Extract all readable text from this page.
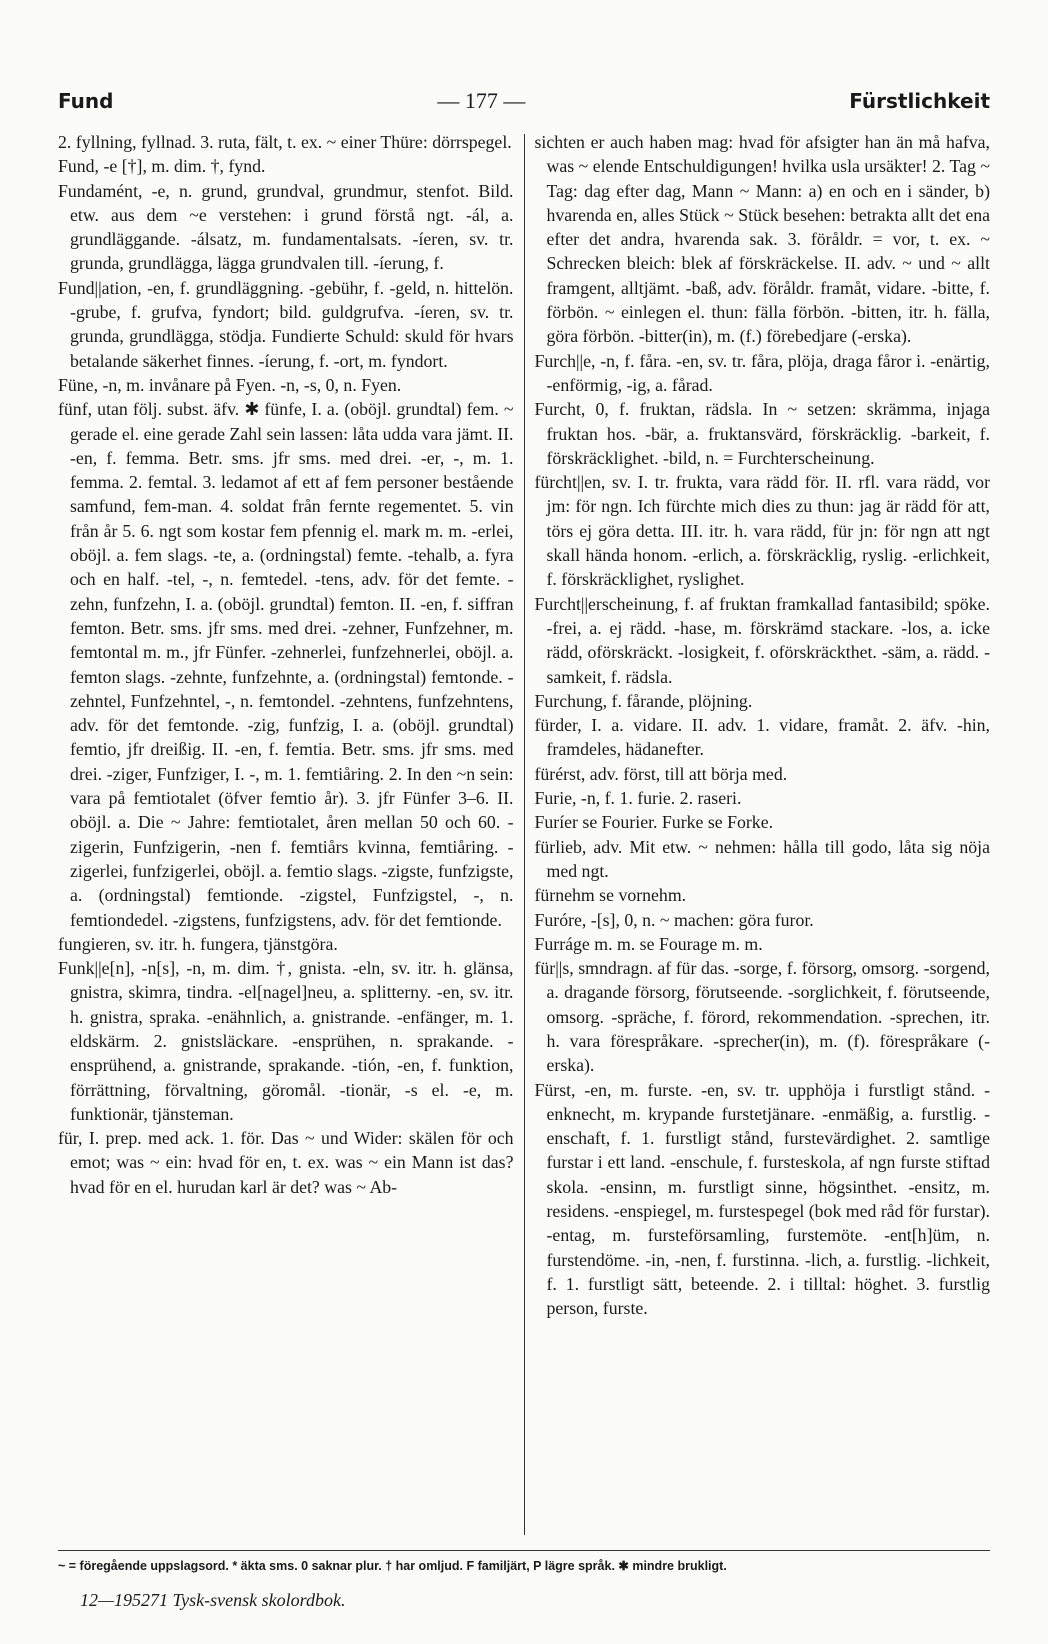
Fund	— 177 —	Fürstlichkeit

2. fyllning, fyllnad. 3. ruta, fält, t. ex. ~ einer Thüre: dörrspegel.

Fund, -e [†], m. dim. †, fynd.

Fundamént, -e, n. grund, grundval, grundmur, stenfot. Bild. etw. aus dem ~e verstehen: i grund förstå ngt. -ál, a. grundläggande. -álsatz, m. fundamentalsats. -íeren, sv. tr. grunda, grundlägga, lägga grundvalen till. -íerung, f.

Fund||ation, -en, f. grundläggning. -gebühr, f. -geld, n. hittelön. -grube, f. grufva, fyndort; bild. guldgrufva. -íeren, sv. tr. grunda, grundlägga, stödja. Fundierte Schuld: skuld för hvars betalande säkerhet finnes. -íerung, f. -ort, m. fyndort.

Füne, -n, m. invånare på Fyen. -n, -s, 0, n. Fyen.

fünf, utan följ. subst. äfv. ✱ fünfe, I. a. (oböjl. grundtal) fem. ~ gerade el. eine gerade Zahl sein lassen: låta udda vara jämt. II. -en, f. femma. Betr. sms. jfr sms. med drei. -er, -, m. 1. femma. 2. femtal. 3. ledamot af ett af fem personer bestående samfund, fem-man. 4. soldat från fernte regementet. 5. vin från år 5. 6. ngt som kostar fem pfennig el. mark m. m. -erlei, oböjl. a. fem slags. -te, a. (ordningstal) femte. -tehalb, a. fyra och en half. -tel, -, n. femtedel. -tens, adv. för det femte. -zehn, funfzehn, I. a. (oböjl. grundtal) femton. II. -en, f. siffran femton. Betr. sms. jfr sms. med drei. -zehner, Funfzehner, m. femtontal m. m., jfr Fünfer. -zehnerlei, funfzehnerlei, oböjl. a. femton slags. -zehnte, funfzehnte, a. (ordningstal) femtonde. -zehntel, Funfzehntel, -, n. femtondel. -zehntens, funfzehntens, adv. för det femtonde. -zig, funfzig, I. a. (oböjl. grundtal) femtio, jfr dreißig. II. -en, f. femtia. Betr. sms. jfr sms. med drei. -ziger, Funfziger, I. -, m. 1. femtiåring. 2. In den ~n sein: vara på femtiotalet (öfver femtio år). 3. jfr Fünfer 3–6. II. oböjl. a. Die ~ Jahre: femtiotalet, åren mellan 50 och 60. -zigerin, Funfzigerin, -nen f. femtiårs kvinna, femtiåring. -zigerlei, funfzigerlei, oböjl. a. femtio slags. -zigste, funfzigste, a. (ordningstal) femtionde. -zigstel, Funfzigstel, -, n. femtiondedel. -zigstens, funfzigstens, adv. för det femtionde.

fungieren, sv. itr. h. fungera, tjänstgöra.

Funk||e[n], -n[s], -n, m. dim. †, gnista. -eln, sv. itr. h. glänsa, gnistra, skimra, tindra. -el[nagel]neu, a. splitterny. -en, sv. itr. h. gnistra, spraka. -enähnlich, a. gnistrande. -enfänger, m. 1. eldskärm. 2. gnistsläckare. -ensprühen, n. sprakande. -ensprühend, a. gnistrande, sprakande. -tión, -en, f. funktion, förrättning, förvaltning, göromål. -tionär, -s el. -e, m. funktionär, tjänsteman.

für, I. prep. med ack. 1. för. Das ~ und Wider: skälen för och emot; was ~ ein: hvad för en, t. ex. was ~ ein Mann ist das? hvad för en el. hurudan karl är det? was ~ Ab-

sichten er auch haben mag: hvad för afsigter han än må hafva, was ~ elende Entschuldigungen! hvilka usla ursäkter! 2. Tag ~ Tag: dag efter dag, Mann ~ Mann: a) en och en i sänder, b) hvarenda en, alles Stück ~ Stück besehen: betrakta allt det ena efter det andra, hvarenda sak. 3. föråldr. = vor, t. ex. ~ Schrecken bleich: blek af förskräckelse. II. adv. ~ und ~ allt framgent, alltjämt. -baß, adv. föråldr. framåt, vidare. -bitte, f. förbön. ~ einlegen el. thun: fälla förbön. -bitten, itr. h. fälla, göra förbön. -bitter(in), m. (f.) förebedjare (-erska).

Furch||e, -n, f. fåra. -en, sv. tr. fåra, plöja, draga fåror i. -enärtig, -enförmig, -ig, a. fårad.

Furcht, 0, f. fruktan, rädsla. In ~ setzen: skrämma, injaga fruktan hos. -bär, a. fruktansvärd, förskräcklig. -barkeit, f. förskräcklighet. -bild, n. = Furchterscheinung.

fürcht||en, sv. I. tr. frukta, vara rädd för. II. rfl. vara rädd, vor jm: för ngn. Ich fürchte mich dies zu thun: jag är rädd för att, törs ej göra detta. III. itr. h. vara rädd, für jn: för ngn att ngt skall hända honom. -erlich, a. förskräcklig, ryslig. -erlichkeit, f. förskräcklighet, ryslighet.

Furcht||erscheinung, f. af fruktan framkallad fantasibild; spöke. -frei, a. ej rädd. -hase, m. förskrämd stackare. -los, a. icke rädd, oförskräckt. -losigkeit, f. oförskräckthet. -säm, a. rädd. -samkeit, f. rädsla.

Furchung, f. fårande, plöjning.

fürder, I. a. vidare. II. adv. 1. vidare, framåt. 2. äfv. -hin, framdeles, hädanefter.

fürérst, adv. först, till att börja med.

Furie, -n, f. 1. furie. 2. raseri.

Furíer se Fourier. Furke se Forke.

fürlieb, adv. Mit etw. ~ nehmen: hålla till godo, låta sig nöja med ngt.

fürnehm se vornehm.

Furóre, -[s], 0, n. ~ machen: göra furor.

Furráge m. m. se Fourage m. m.

für||s, smndragn. af für das. -sorge, f. försorg, omsorg. -sorgend, a. dragande försorg, förutseende. -sorglichkeit, f. förutseende, omsorg. -spräche, f. förord, rekommendation. -sprechen, itr. h. vara förespråkare. -sprecher(in), m. (f). förespråkare (-erska).

Fürst, -en, m. furste. -en, sv. tr. upphöja i furstligt stånd. -enknecht, m. krypande furstetjänare. -enmäßig, a. furstlig. -enschaft, f. 1. furstligt stånd, furstevärdighet. 2. samtlige furstar i ett land. -enschule, f. fursteskola, af ngn furste stiftad skola. -ensinn, m. furstligt sinne, högsinthet. -ensitz, m. residens. -enspiegel, m. furstespegel (bok med råd för furstar). -entag, m. fursteförsamling, furstemöte. -ent[h]üm, n. furstendöme. -in, -nen, f. furstinna. -lich, a. furstlig. -lichkeit, f. 1. furstligt sätt, beteende. 2. i tilltal: höghet. 3. furstlig person, furste.

~ = föregående uppslagsord. * äkta sms. 0 saknar plur. † har omljud. F familjärt, P lägre språk. ✱ mindre brukligt.
12—195271 Tysk-svensk skolordbok.
